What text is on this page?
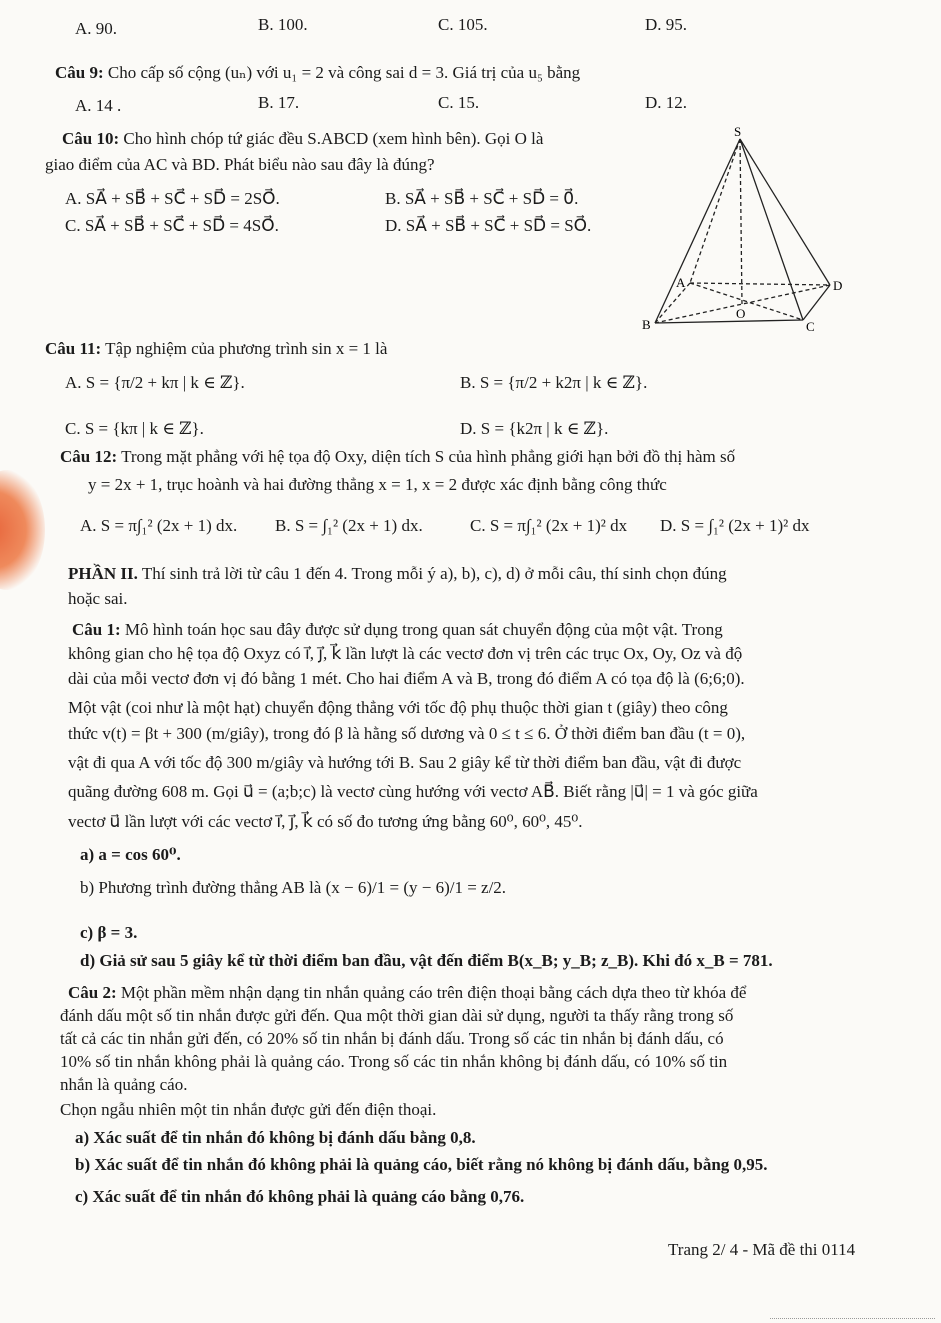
A. 90.	B. 100.	C. 105.	D. 95.
Câu 9: Cho cấp số cộng (uₙ) với u₁ = 2 và công sai d = 3. Giá trị của u₅ bằng
A. 14 .	B. 17.	C. 15.	D. 12.
Câu 10: Cho hình chóp tứ giác đều S.ABCD (xem hình bên). Gọi O là
giao điểm của AC và BD. Phát biểu nào sau đây là đúng?
A. SA⃗ + SB⃗ + SC⃗ + SD⃗ = 2SO⃗.	B. SA⃗ + SB⃗ + SC⃗ + SD⃗ = 0⃗.
C. SA⃗ + SB⃗ + SC⃗ + SD⃗ = 4SO⃗.	D. SA⃗ + SB⃗ + SC⃗ + SD⃗ = SO⃗.
S
A
B	C
D
O
Câu 11: Tập nghiệm của phương trình sin x = 1 là
A. S = {π/2 + kπ | k ∈ ℤ}.	B. S = {π/2 + k2π | k ∈ ℤ}.
C. S = {kπ | k ∈ ℤ}.	D. S = {k2π | k ∈ ℤ}.
Câu 12: Trong mặt phẳng với hệ tọa độ Oxy, diện tích S của hình phẳng giới hạn bởi đồ thị hàm số
y = 2x + 1, trục hoành và hai đường thẳng x = 1, x = 2 được xác định bằng công thức
A. S = π∫₁² (2x + 1) dx. B. S = ∫₁² (2x + 1) dx.	C. S = π∫₁² (2x + 1)² dx D. S = ∫₁² (2x + 1)² dx
PHẦN II. Thí sinh trả lời từ câu 1 đến 4. Trong mỗi ý a), b), c), d) ở mỗi câu, thí sinh chọn đúng
hoặc sai.
Câu 1: Mô hình toán học sau đây được sử dụng trong quan sát chuyển động của một vật. Trong
không gian cho hệ tọa độ Oxyz có i⃗, j⃗, k⃗ lần lượt là các vectơ đơn vị trên các trục Ox, Oy, Oz và độ
dài của mỗi vectơ đơn vị đó bằng 1 mét. Cho hai điểm A và B, trong đó điểm A có tọa độ là (6;6;0).
Một vật (coi như là một hạt) chuyển động thẳng với tốc độ phụ thuộc thời gian t (giây) theo công
thức v(t) = βt + 300 (m/giây), trong đó β là hằng số dương và 0 ≤ t ≤ 6. Ở thời điểm ban đầu (t = 0),
vật đi qua A với tốc độ 300 m/giây và hướng tới B. Sau 2 giây kể từ thời điểm ban đầu, vật đi được
quãng đường 608 m. Gọi u⃗ = (a;b;c) là vectơ cùng hướng với vectơ AB⃗. Biết rằng |u⃗| = 1 và góc giữa
vectơ u⃗ lần lượt với các vectơ i⃗, j⃗, k⃗ có số đo tương ứng bằng 60⁰, 60⁰, 45⁰.
a) a = cos 60⁰.
b) Phương trình đường thẳng AB là (x − 6)/1 = (y − 6)/1 = z/2.
c) β = 3.
d) Giả sử sau 5 giây kể từ thời điểm ban đầu, vật đến điểm B(x_B; y_B; z_B). Khi đó x_B = 781.
Câu 2: Một phần mềm nhận dạng tin nhắn quảng cáo trên điện thoại bằng cách dựa theo từ khóa để
đánh dấu một số tin nhắn được gửi đến. Qua một thời gian dài sử dụng, người ta thấy rằng trong số
tất cả các tin nhắn gửi đến, có 20% số tin nhắn bị đánh dấu. Trong số các tin nhắn bị đánh dấu, có
10% số tin nhắn không phải là quảng cáo. Trong số các tin nhắn không bị đánh dấu, có 10% số tin
nhắn là quảng cáo.
Chọn ngẫu nhiên một tin nhắn được gửi đến điện thoại.
a) Xác suất để tin nhắn đó không bị đánh dấu bằng 0,8.
b) Xác suất để tin nhắn đó không phải là quảng cáo, biết rằng nó không bị đánh dấu, bằng 0,95.
c) Xác suất để tin nhắn đó không phải là quảng cáo bằng 0,76.
Trang 2/ 4 - Mã đề thi 0114
